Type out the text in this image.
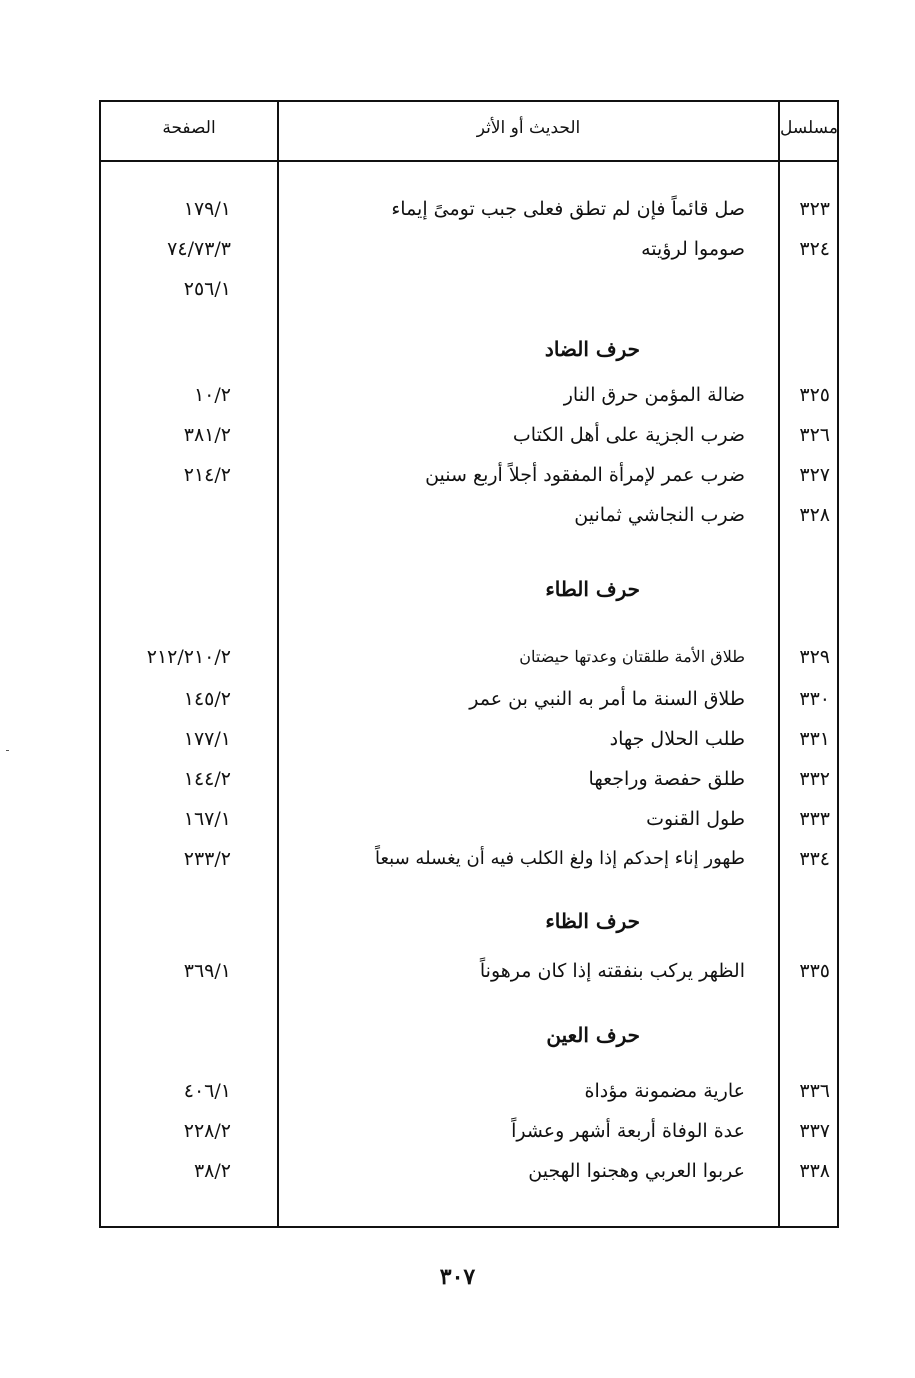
مسلسل
الحديث أو الأثر
الصفحة
٣٢٣
صل قائماً فإن لم تطق فعلى جبب تومىً إيماء
١٧٩/١
٣٢٤
صوموا لرؤيته
٧٤/٧٣/٣
٢٥٦/١
حرف الضاد
٣٢٥
ضالة المؤمن حرق النار
١٠/٢
٣٢٦
ضرب الجزية على أهل الكتاب
٣٨١/٢
٣٢٧
ضرب عمر لإمرأة المفقود أجلاً أربع سنين
٢١٤/٢
٣٢٨
ضرب النجاشي ثمانين
حرف الطاء
٣٢٩
طلاق الأمة طلقتان وعدتها حيضتان
٢١٢/٢١٠/٢
٣٣٠
طلاق السنة ما أمر به النبي بن عمر
١٤٥/٢
٣٣١
طلب الحلال جهاد
١٧٧/١
٣٣٢
طلق حفصة وراجعها
١٤٤/٢
٣٣٣
طول القنوت
١٦٧/١
٣٣٤
طهور إناء إحدكم إذا ولغ الكلب فيه أن يغسله سبعاً
٢٣٣/٢
حرف الظاء
٣٣٥
الظهر يركب بنفقته إذا كان مرهوناً
٣٦٩/١
حرف العين
٣٣٦
عارية مضمونة مؤداة
٤٠٦/١
٣٣٧
عدة الوفاة أربعة أشهر وعشراً
٢٢٨/٢
٣٣٨
عربوا العربي وهجنوا الهجين
٣٨/٢
٣٠٧
